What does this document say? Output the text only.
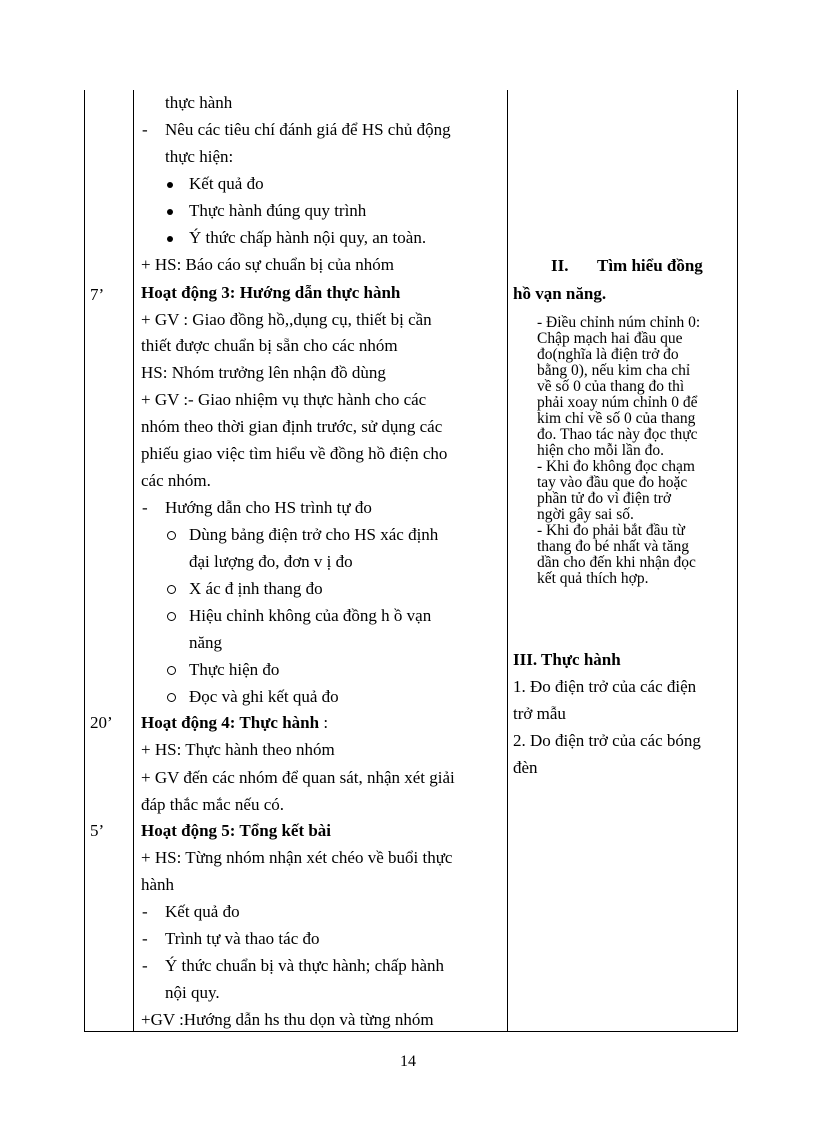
7’
20’
5’
thực hành
- Nêu các tiêu chí đánh giá để HS chủ động
thực hiện:
Kết quả đo
Thực hành đúng quy trình
Ý thức chấp hành nội quy, an toàn.
+ HS: Báo cáo sự chuẩn bị của nhóm
Hoạt động 3: Hướng dẫn thực hành
+ GV : Giao đồng hồ,,dụng cụ, thiết bị cần
thiết được chuẩn bị sẵn cho các nhóm
HS: Nhóm trưởng lên nhận đồ dùng
+ GV :- Giao nhiệm vụ thực hành cho các
nhóm theo thời gian định trước, sử dụng các
phiếu giao việc tìm hiểu về đồng hồ điện cho
các nhóm.
- Hướng dẫn cho HS trình tự đo
Dùng bảng điện trở cho HS xác định
đại lượng đo, đơn v ị đo
X ác đ ịnh thang đo
Hiệu chỉnh không của đồng h ồ vạn
năng
Thực hiện đo
Đọc và ghi kết quả đo
Hoạt động 4: Thực hành :
+ HS: Thực hành theo nhóm
+ GV đến các nhóm để quan sát, nhận xét giải
đáp thắc mắc nếu có.
Hoạt động 5: Tổng kết bài
+ HS: Từng nhóm nhận xét chéo về buổi thực
hành
- Kết quả đo
- Trình tự và thao tác đo
- Ý thức chuẩn bị và thực hành; chấp hành
nội quy.
+GV :Hướng dẫn hs thu dọn và từng nhóm
II. Tìm hiểu đồng
hồ vạn năng.
- Điều chỉnh núm chỉnh 0:
Chập mạch hai đầu que
đo(nghĩa là điện trở đo
bằng 0), nếu kim cha chỉ
về số 0 của thang đo thì
phải xoay núm chỉnh 0 để
kim chỉ về số 0 của thang
đo. Thao tác này đọc thực
hiện cho mỗi lần đo.
- Khi đo không đọc chạm
tay vào đầu que đo hoặc
phần tử đo vì điện trở
ngời gây sai số.
- Khi đo phải bắt đầu từ
thang đo bé nhất và tăng
dần cho đến khi nhận đọc
kết quả thích hợp.
III. Thực hành
1. Đo điện trở của các điện
trở mẫu
2. Do điện trở của các bóng
đèn
14
